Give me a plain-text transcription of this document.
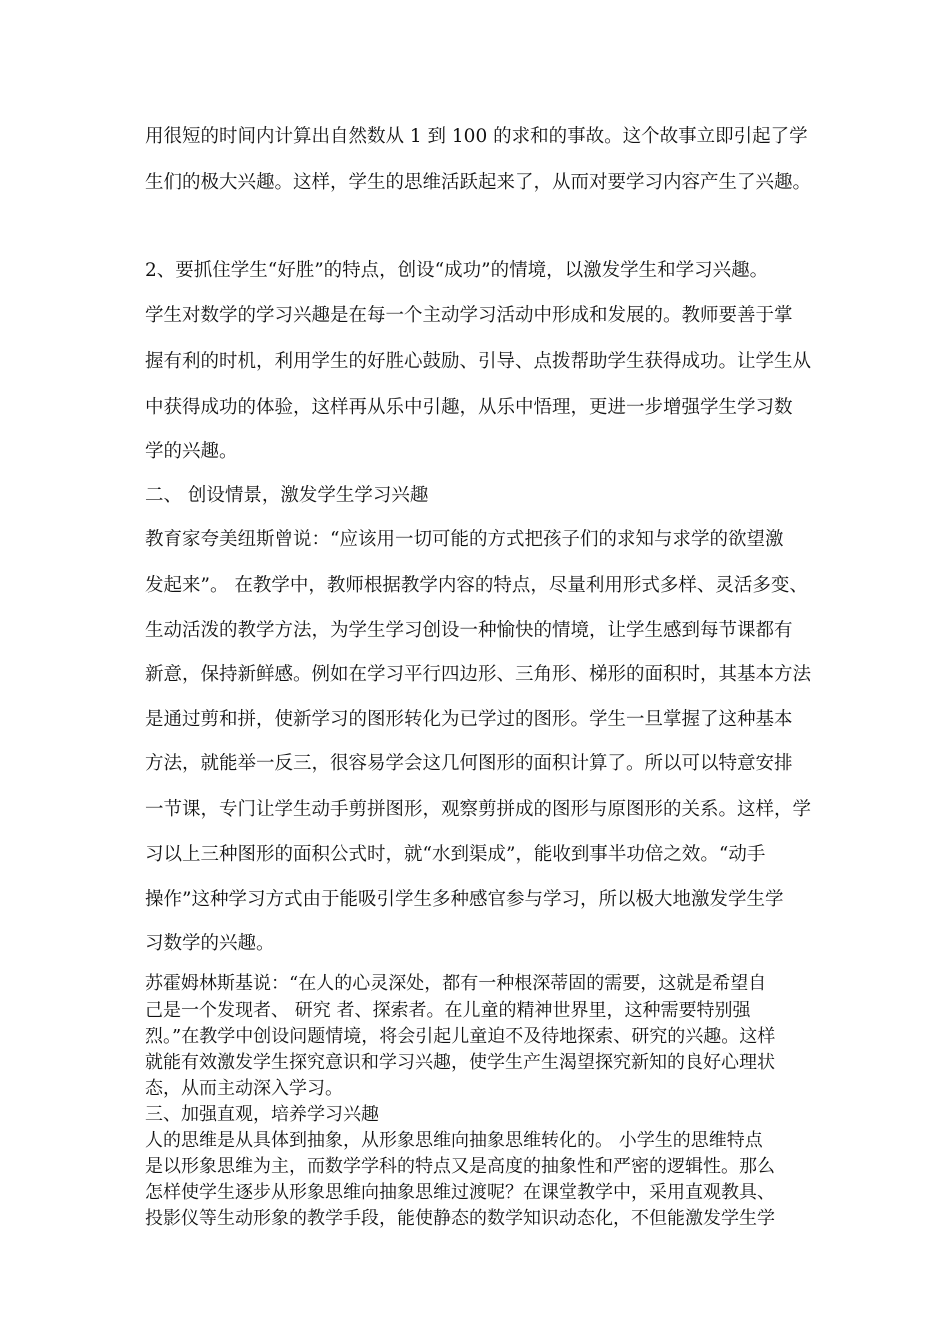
用很短的时间内计算出自然数从 1 到 100 的求和的事故。这个故事立即引起了学

生们的极大兴趣。这样，学生的思维活跃起来了，从而对要学习内容产生了兴趣。

2、要抓住学生“好胜”的特点，创设“成功”的情境，以激发学生和学习兴趣。

学生对数学的学习兴趣是在每一个主动学习活动中形成和发展的。教师要善于掌

握有利的时机，利用学生的好胜心鼓励、引导、点拨帮助学生获得成功。让学生从

中获得成功的体验，这样再从乐中引趣，从乐中悟理，更进一步增强学生学习数

学的兴趣。

二、 创设情景，激发学生学习兴趣

教育家夸美纽斯曾说：“应该用一切可能的方式把孩子们的求知与求学的欲望激

发起来”。 在教学中，教师根据教学内容的特点，尽量利用形式多样、灵活多变、

生动活泼的教学方法，为学生学习创设一种愉快的情境，让学生感到每节课都有

新意，保持新鲜感。例如在学习平行四边形、三角形、梯形的面积时，其基本方法

是通过剪和拼，使新学习的图形转化为已学过的图形。学生一旦掌握了这种基本

方法，就能举一反三，很容易学会这几何图形的面积计算了。所以可以特意安排

一节课，专门让学生动手剪拼图形，观察剪拼成的图形与原图形的关系。这样，学

习以上三种图形的面积公式时，就“水到渠成”，能收到事半功倍之效。“动手

操作”这种学习方式由于能吸引学生多种感官参与学习，所以极大地激发学生学

习数学的兴趣。

苏霍姆林斯基说：“在人的心灵深处，都有一种根深蒂固的需要，这就是希望自

己是一个发现者、 研究 者、探索者。在儿童的精神世界里，这种需要特别强

烈。”在教学中创设问题情境，将会引起儿童迫不及待地探索、研究的兴趣。这样

就能有效激发学生探究意识和学习兴趣，使学生产生渴望探究新知的良好心理状

态，从而主动深入学习。

三、加强直观，培养学习兴趣

人的思维是从具体到抽象，从形象思维向抽象思维转化的。 小学生的思维特点

是以形象思维为主，而数学学科的特点又是高度的抽象性和严密的逻辑性。那么

怎样使学生逐步从形象思维向抽象思维过渡呢？在课堂教学中，采用直观教具、

投影仪等生动形象的教学手段，能使静态的数学知识动态化，不但能激发学生学
